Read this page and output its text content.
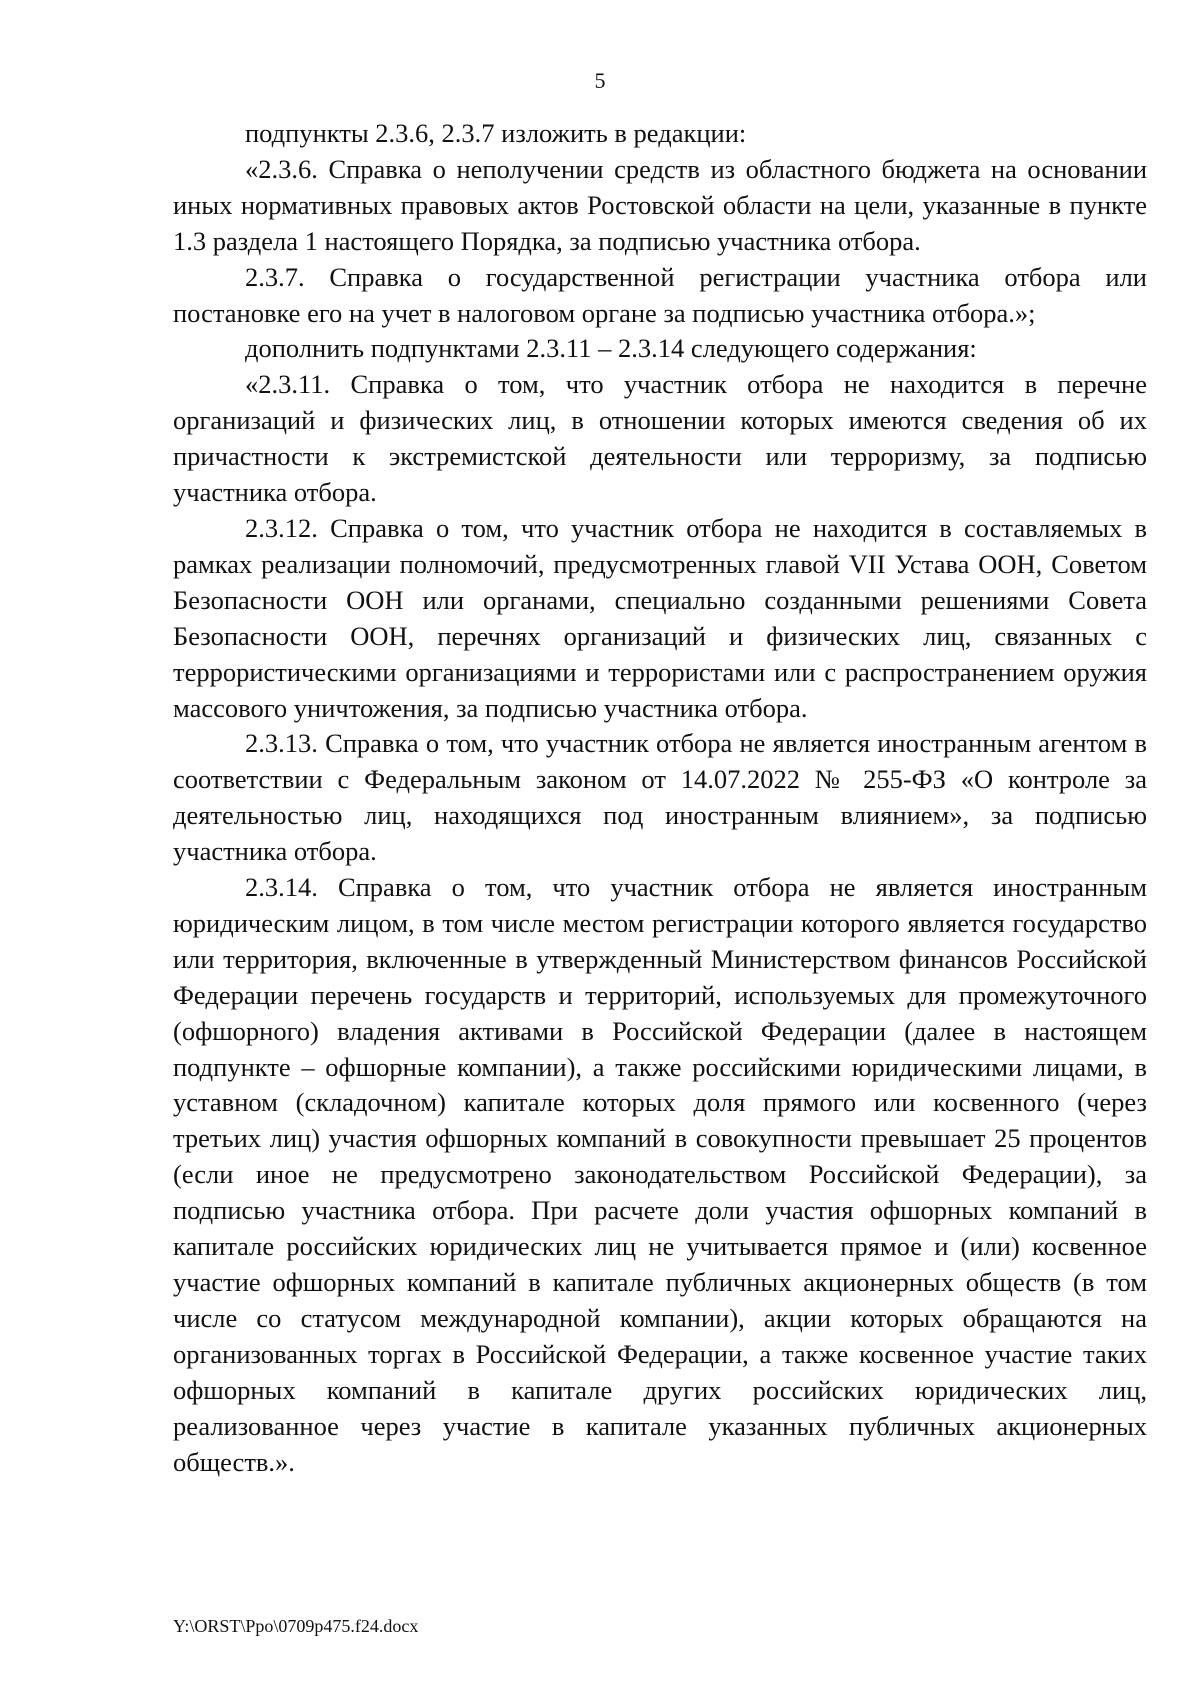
5

подпункты 2.3.6, 2.3.7 изложить в редакции:

«2.3.6. Справка о неполучении средств из областного бюджета на основании иных нормативных правовых актов Ростовской области на цели, указанные в пункте 1.3 раздела 1 настоящего Порядка, за подписью участника отбора.

2.3.7. Справка о государственной регистрации участника отбора или постановке его на учет в налоговом органе за подписью участника отбора.»;

дополнить подпунктами 2.3.11 – 2.3.14 следующего содержания:

«2.3.11. Справка о том, что участник отбора не находится в перечне организаций и физических лиц, в отношении которых имеются сведения об их причастности к экстремистской деятельности или терроризму, за подписью участника отбора.

2.3.12. Справка о том, что участник отбора не находится в составляемых в рамках реализации полномочий, предусмотренных главой VII Устава ООН, Советом Безопасности ООН или органами, специально созданными решениями Совета Безопасности ООН, перечнях организаций и физических лиц, связанных с террористическими организациями и террористами или с распространением оружия массового уничтожения, за подписью участника отбора.

2.3.13. Справка о том, что участник отбора не является иностранным агентом в соответствии с Федеральным законом от 14.07.2022 № 255-ФЗ «О контроле за деятельностью лиц, находящихся под иностранным влиянием», за подписью участника отбора.

2.3.14. Справка о том, что участник отбора не является иностранным юридическим лицом, в том числе местом регистрации которого является государство или территория, включенные в утвержденный Министерством финансов Российской Федерации перечень государств и территорий, используемых для промежуточного (офшорного) владения активами в Российской Федерации (далее в настоящем подпункте – офшорные компании), а также российскими юридическими лицами, в уставном (складочном) капитале которых доля прямого или косвенного (через третьих лиц) участия офшорных компаний в совокупности превышает 25 процентов (если иное не предусмотрено законодательством Российской Федерации), за подписью участника отбора. При расчете доли участия офшорных компаний в капитале российских юридических лиц не учитывается прямое и (или) косвенное участие офшорных компаний в капитале публичных акционерных обществ (в том числе со статусом международной компании), акции которых обращаются на организованных торгах в Российской Федерации, а также косвенное участие таких офшорных компаний в капитале других российских юридических лиц, реализованное через участие в капитале указанных публичных акционерных обществ.».

Y:\ORST\Ppo\0709p475.f24.docx
